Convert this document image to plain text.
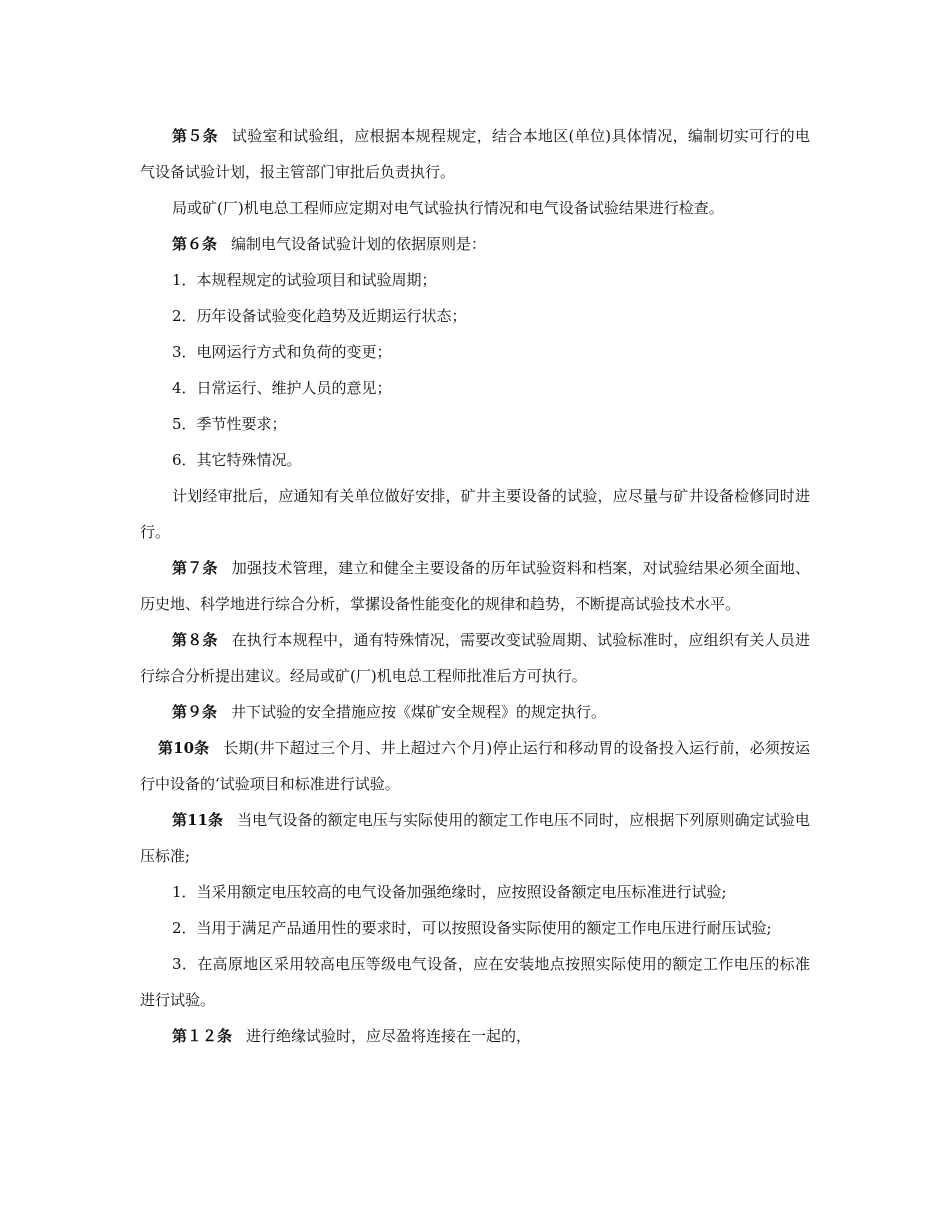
第５条 试验室和试验组，应根据本规程规定，结合本地区(单位)具体情况，编制切实可行的电气设备试验计划，报主管部门审批后负责执行。

局或矿(厂)机电总工程师应定期对电气试验执行情况和电气设备试验结果进行检查。

第６条 编制电气设备试验计划的依据原则是：

1．本规程规定的试验项目和试验周期；

2．历年设备试验变化趋势及近期运行状态；

3．电网运行方式和负荷的变更；

4．日常运行、维护人员的意见；

5．季节性要求；

6．其它特殊情况。

计划经审批后，应通知有关单位做好安排，矿井主要设备的试验，应尽量与矿井设备检修同时进行。

第７条 加强技术管理，建立和健全主要设备的历年试验资料和档案，对试验结果必须全面地、历史地、科学地进行综合分析，掌摞设备性能变化的规律和趋势，不断提高试验技术水平。

第８条 在执行本规程中，通有特殊情况，需要改变试验周期、试验标准时，应组织有关人员进行综合分析提出建议。经局或矿(厂)机电总工程师批准后方可执行。

第９条 井下试验的安全措施应按《煤矿安全规程》的规定执行。

第10条 长期(井下超过三个月、井上超过六个月)停止运行和移动胃的设备投入运行前，必须按运行中设备的‘试验项目和标准进行试验。

第11条 当电气设备的额定电压与实际使用的额定工作电压不同时，应根据下列原则确定试验电压标准;

1．当采用额定电压较高的电气设备加强绝缘时，应按照设备额定电压标准进行试验;

2．当用于满足产品通用性的要求时，可以按照设备实际使用的额定工作电压进行耐压试验;

3．在高原地区采用较高电压等级电气设备，应在安装地点按照实际使用的额定工作电压的标准进行试验。

第１２条 进行绝缘试验时，应尽盈将连接在一起的，
